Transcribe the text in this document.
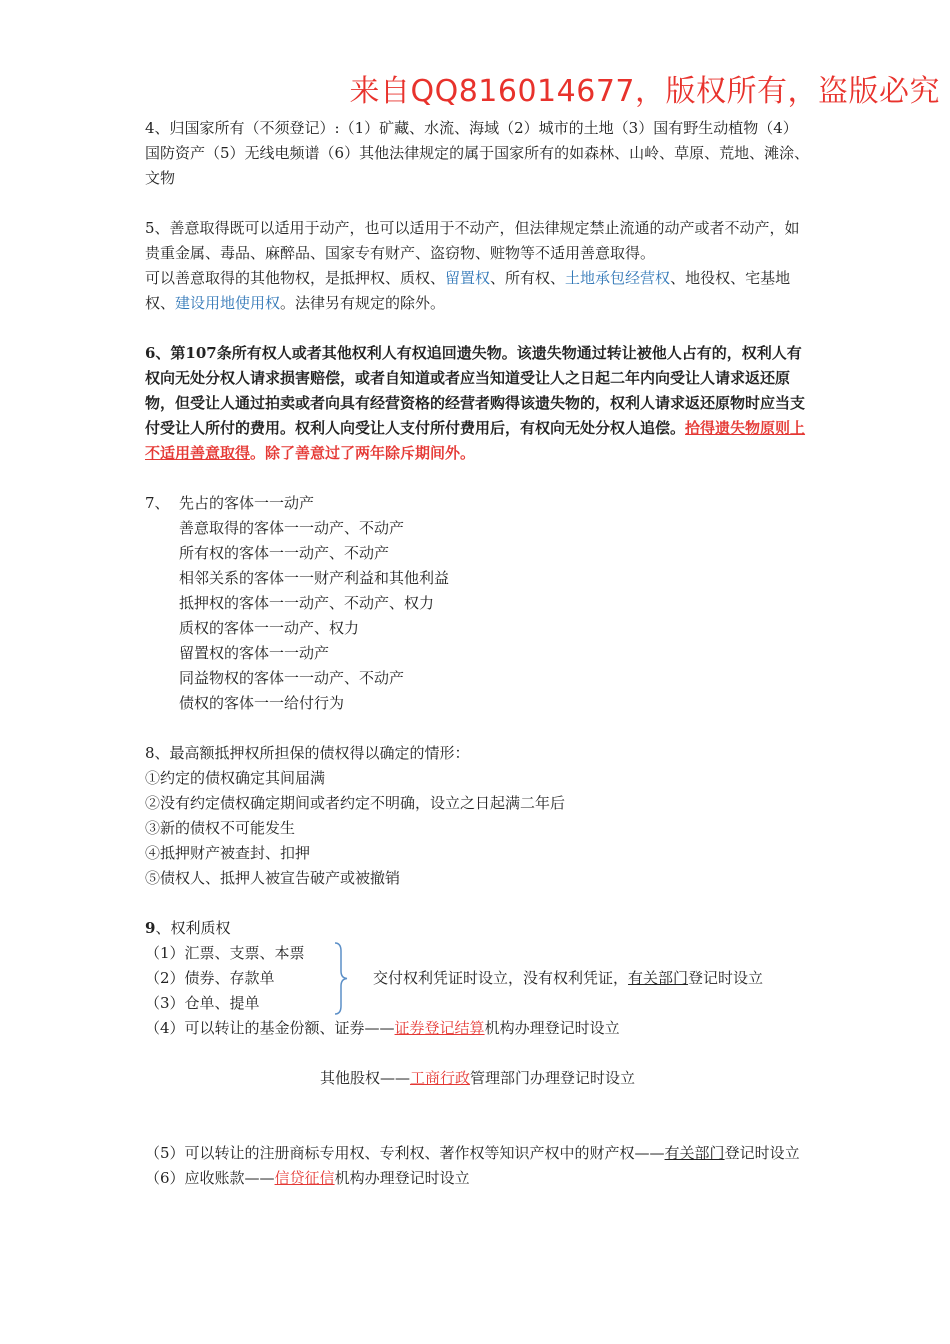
来自QQ816014677，版权所有，盗版必究

4、归国家所有（不须登记）:（1）矿藏、水流、海域（2）城市的土地（3）国有野生动植物（4）国防资产（5）无线电频谱（6）其他法律规定的属于国家所有的如森林、山岭、草原、荒地、滩涂、文物

5、善意取得既可以适用于动产，也可以适用于不动产，但法律规定禁止流通的动产或者不动产，如贵重金属、毒品、麻醉品、国家专有财产、盗窃物、赃物等不适用善意取得。

可以善意取得的其他物权，是抵押权、质权、留置权、所有权、土地承包经营权、地役权、宅基地权、建设用地使用权。法律另有规定的除外。

6、第107条所有权人或者其他权利人有权追回遗失物。该遗失物通过转让被他人占有的，权利人有权向无处分权人请求损害赔偿，或者自知道或者应当知道受让人之日起二年内向受让人请求返还原物，但受让人通过拍卖或者向具有经营资格的经营者购得该遗失物的，权利人请求返还原物时应当支付受让人所付的费用。权利人向受让人支付所付费用后，有权向无处分权人追偿。拾得遗失物原则上不适用善意取得。除了善意过了两年除斥期间外。

7、 先占的客体一一动产

善意取得的客体一一动产、不动产

所有权的客体一一动产、不动产

相邻关系的客体一一财产利益和其他利益

抵押权的客体一一动产、不动产、权力

质权的客体一一动产、权力

留置权的客体一一动产

同益物权的客体一一动产、不动产

债权的客体一一给付行为

8、最高额抵押权所担保的债权得以确定的情形：

①约定的债权确定其间届满

②没有约定债权确定期间或者约定不明确，设立之日起满二年后

③新的债权不可能发生

④抵押财产被查封、扣押

⑤债权人、抵押人被宣告破产或被撤销

9、权利质权

（1）汇票、支票、本票

（2）债券、存款单

（3）仓单、提单

交付权利凭证时设立，没有权利凭证，有关部门登记时设立

（4）可以转让的基金份额、证券——证券登记结算机构办理登记时设立

其他股权——工商行政管理部门办理登记时设立

（5）可以转让的注册商标专用权、专利权、著作权等知识产权中的财产权——有关部门登记时设立

（6）应收账款——信贷征信机构办理登记时设立
